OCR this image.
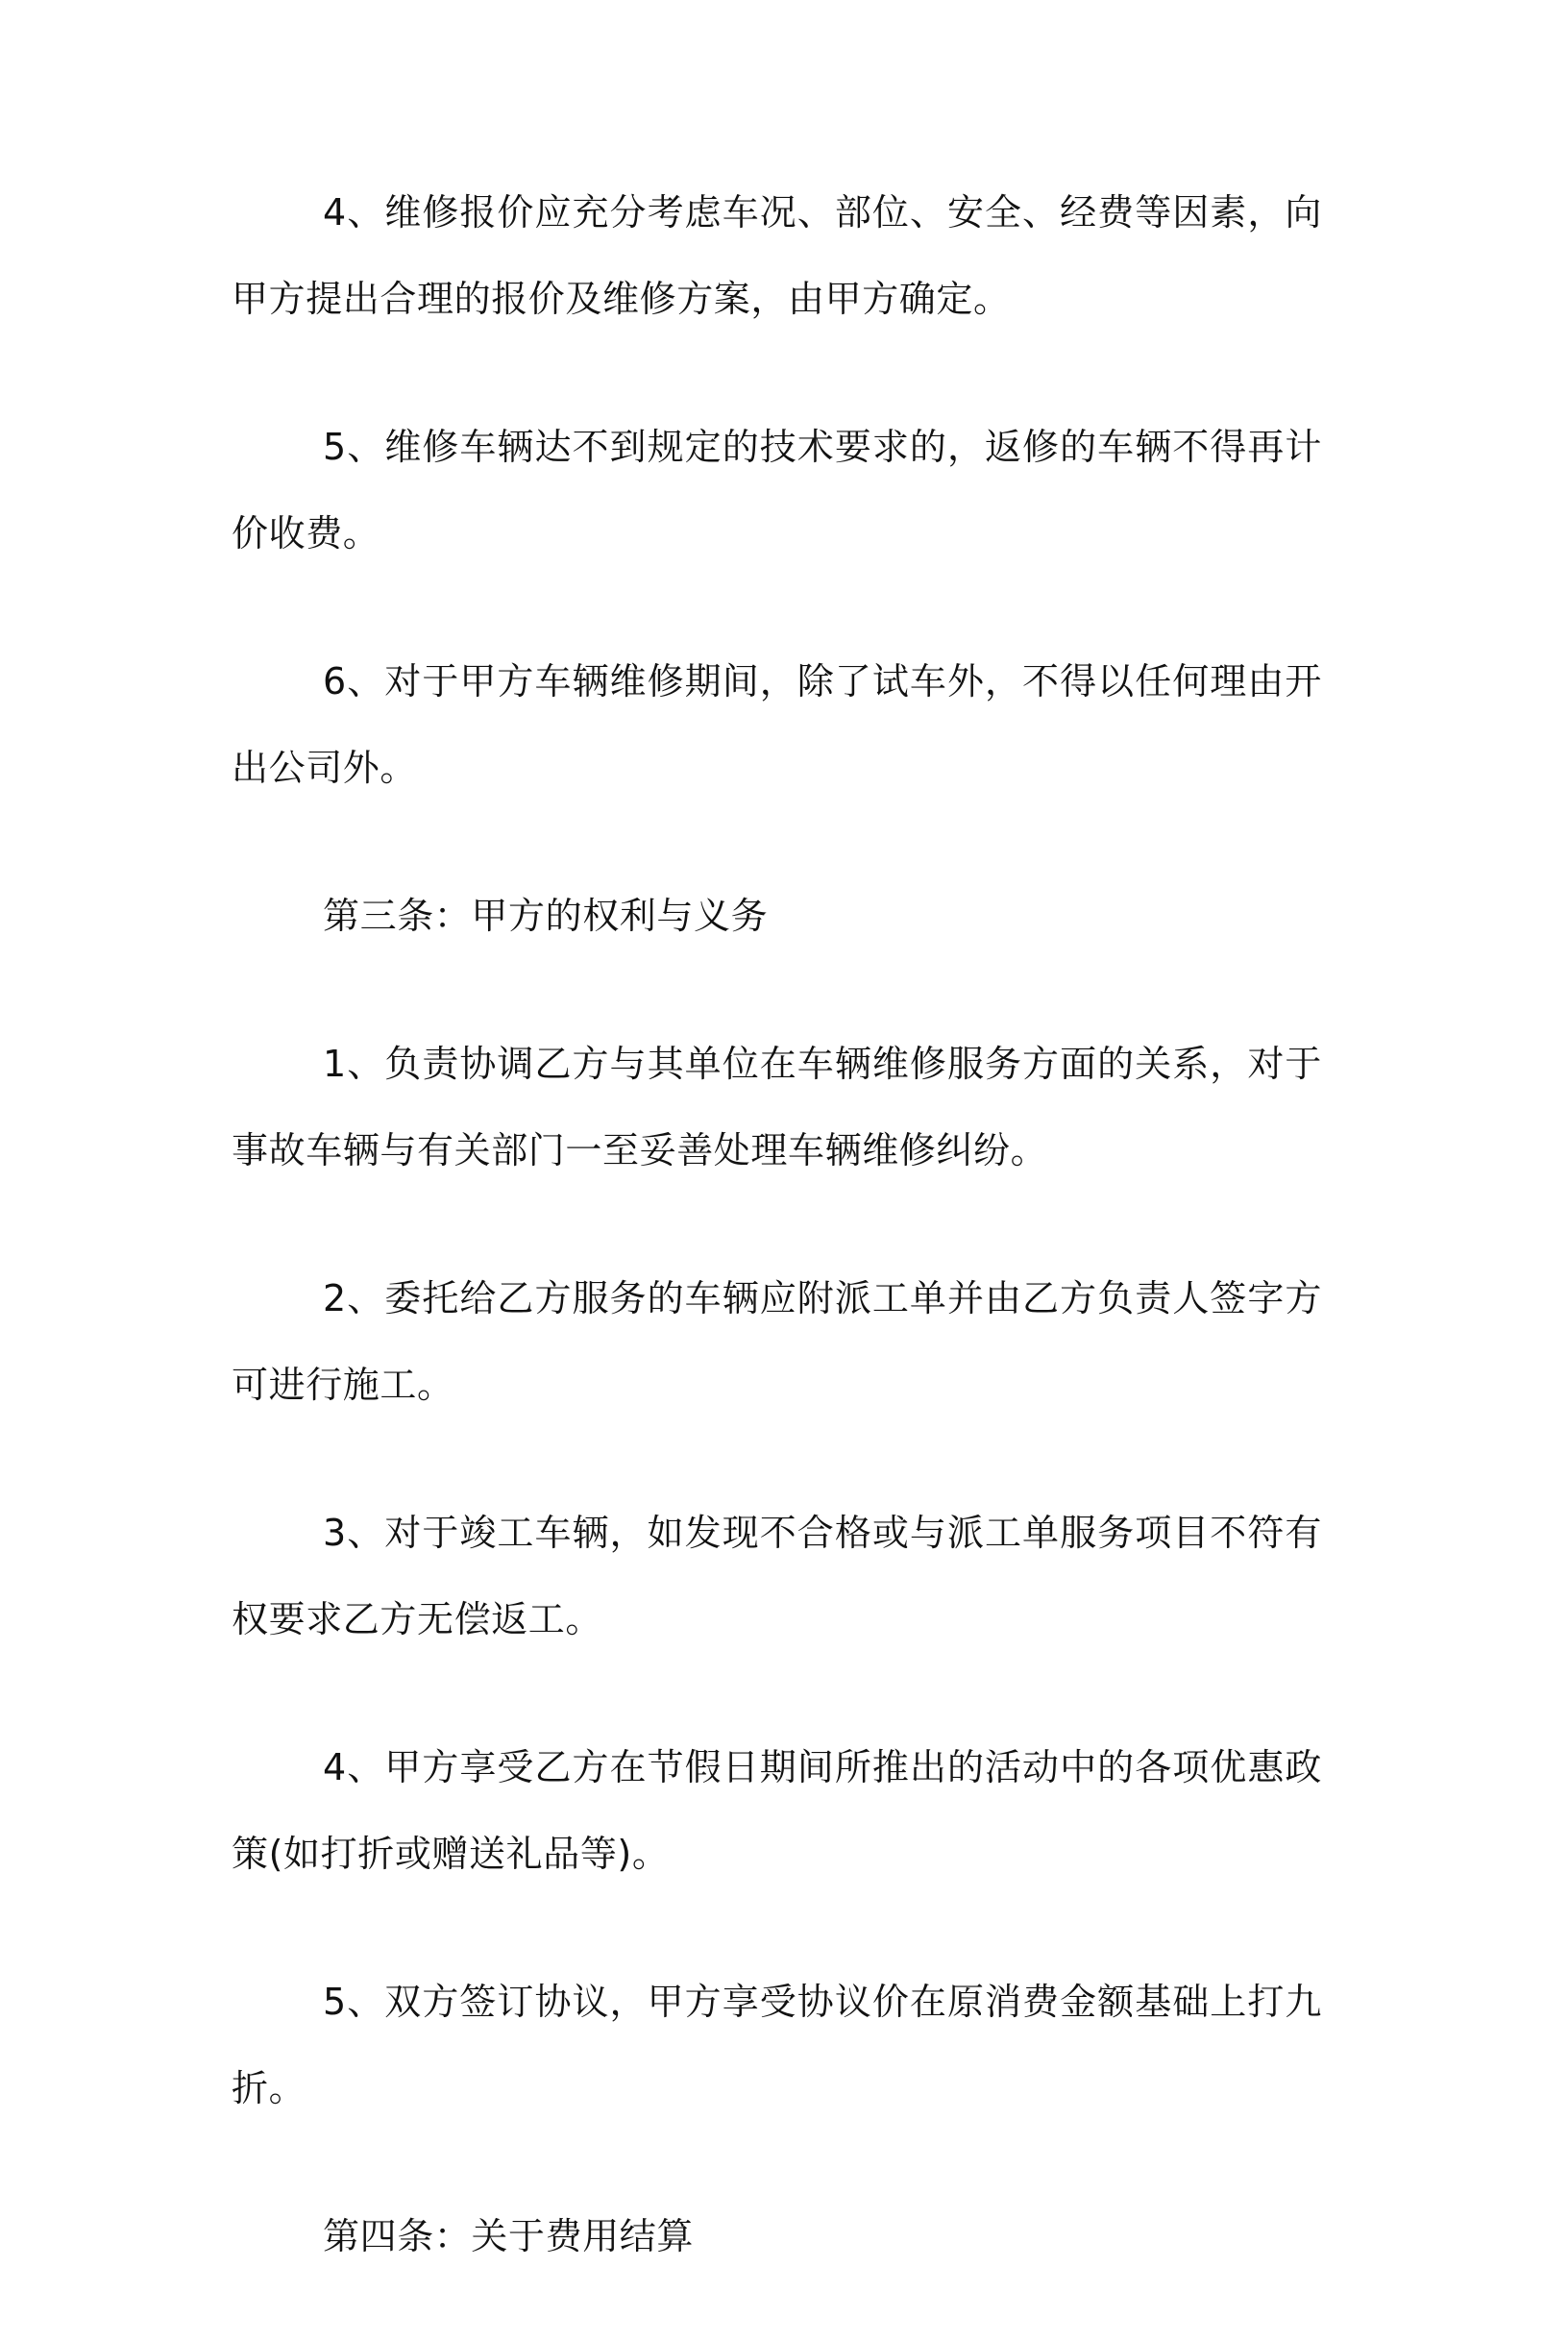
4、维修报价应充分考虑车况、部位、安全、经费等因素，向甲方提出合理的报价及维修方案，由甲方确定。

5、维修车辆达不到规定的技术要求的，返修的车辆不得再计价收费。

6、对于甲方车辆维修期间，除了试车外，不得以任何理由开出公司外。

第三条：甲方的权利与义务

1、负责协调乙方与其单位在车辆维修服务方面的关系，对于事故车辆与有关部门一至妥善处理车辆维修纠纷。

2、委托给乙方服务的车辆应附派工单并由乙方负责人签字方可进行施工。

3、对于竣工车辆，如发现不合格或与派工单服务项目不符有权要求乙方无偿返工。

4、甲方享受乙方在节假日期间所推出的活动中的各项优惠政策(如打折或赠送礼品等)。

5、双方签订协议，甲方享受协议价在原消费金额基础上打九折。

第四条：关于费用结算
